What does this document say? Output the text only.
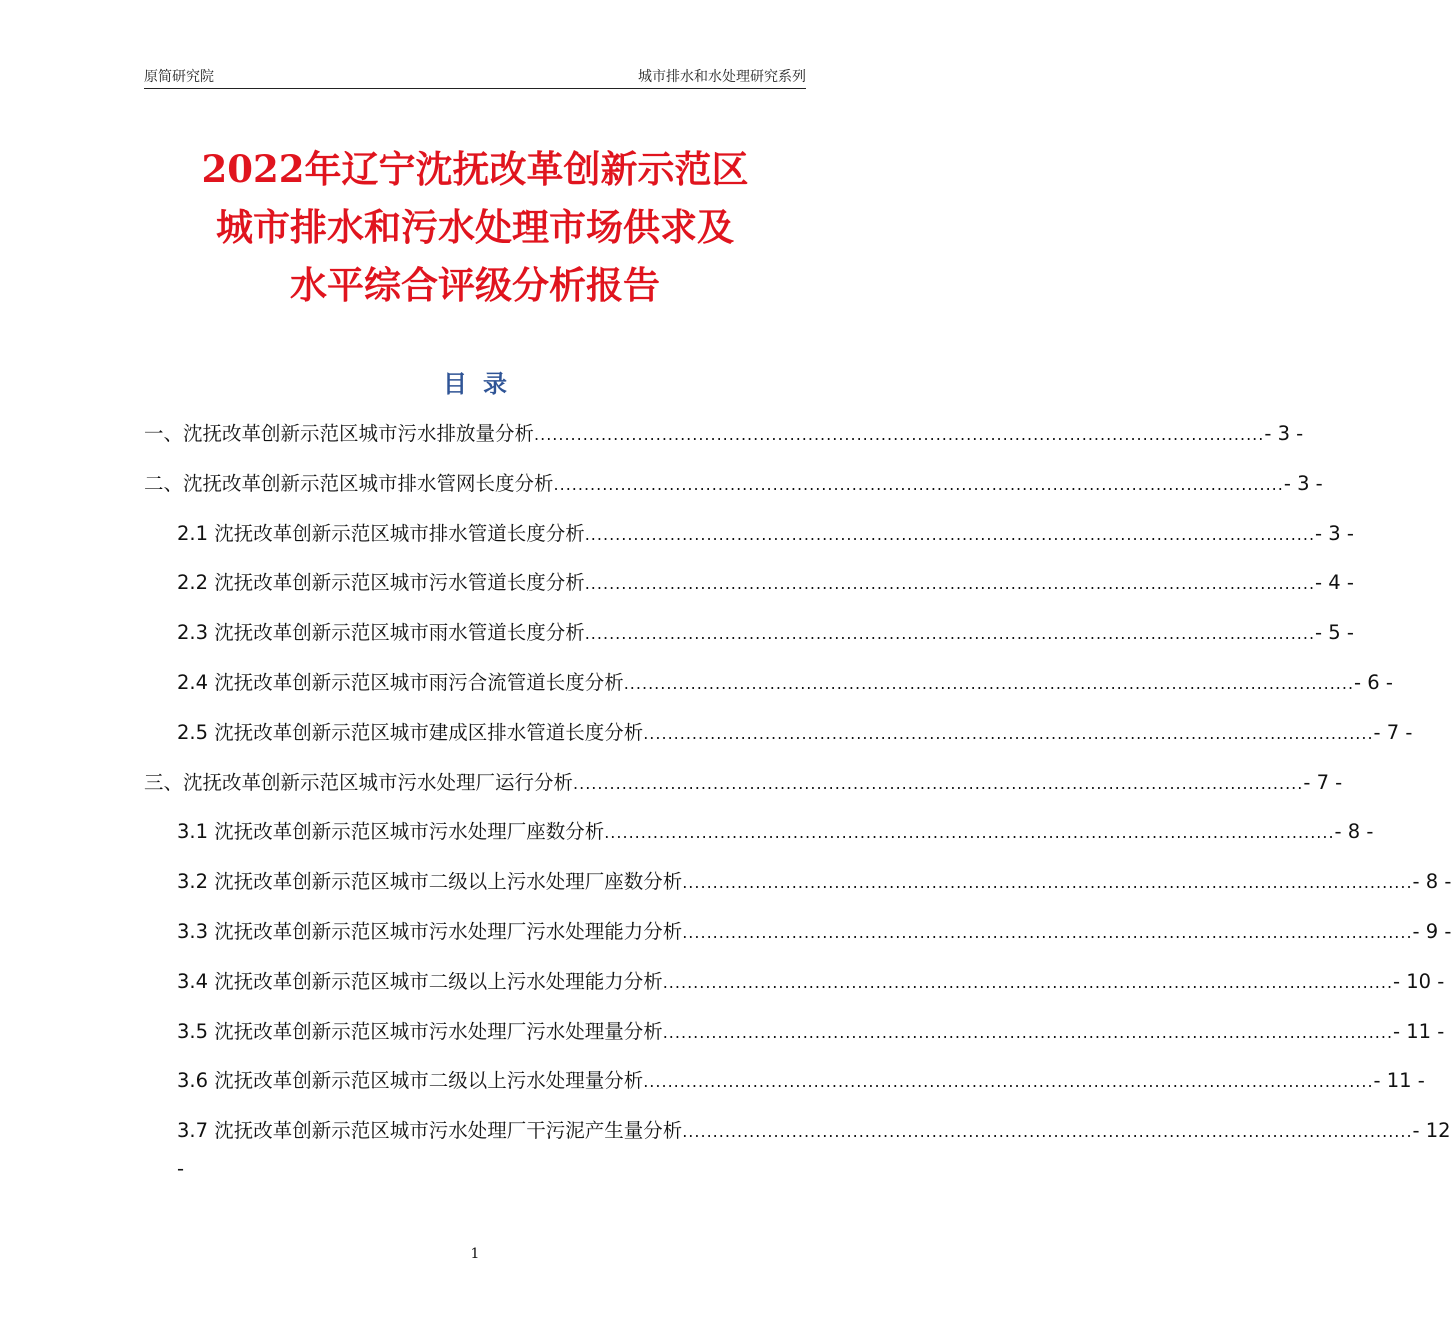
原简研究院	城市排水和水处理研究系列
2022年辽宁沈抚改革创新示范区
城市排水和污水处理市场供求及
水平综合评级分析报告
目录
一、沈抚改革创新示范区城市污水排放量分析 ........................................................................................................................ - 3 -
二、沈抚改革创新示范区城市排水管网长度分析 ........................................................................................................................ - 3 -
2.1 沈抚改革创新示范区城市排水管道长度分析 ........................................................................................................................ - 3 -
2.2 沈抚改革创新示范区城市污水管道长度分析 ........................................................................................................................ - 4 -
2.3 沈抚改革创新示范区城市雨水管道长度分析 ........................................................................................................................ - 5 -
2.4 沈抚改革创新示范区城市雨污合流管道长度分析 ........................................................................................................................ - 6 -
2.5 沈抚改革创新示范区城市建成区排水管道长度分析 ........................................................................................................................ - 7 -
三、沈抚改革创新示范区城市污水处理厂运行分析 ........................................................................................................................ - 7 -
3.1 沈抚改革创新示范区城市污水处理厂座数分析 ........................................................................................................................ - 8 -
3.2 沈抚改革创新示范区城市二级以上污水处理厂座数分析 ........................................................................................................................ - 8 -
3.3 沈抚改革创新示范区城市污水处理厂污水处理能力分析 ........................................................................................................................ - 9 -
3.4 沈抚改革创新示范区城市二级以上污水处理能力分析 ........................................................................................................................ - 10 -
3.5 沈抚改革创新示范区城市污水处理厂污水处理量分析 ........................................................................................................................ - 11 -
3.6 沈抚改革创新示范区城市二级以上污水处理量分析 ........................................................................................................................ - 11 -
3.7 沈抚改革创新示范区城市污水处理厂干污泥产生量分析 ........................................................................................................................ - 12
-
1
